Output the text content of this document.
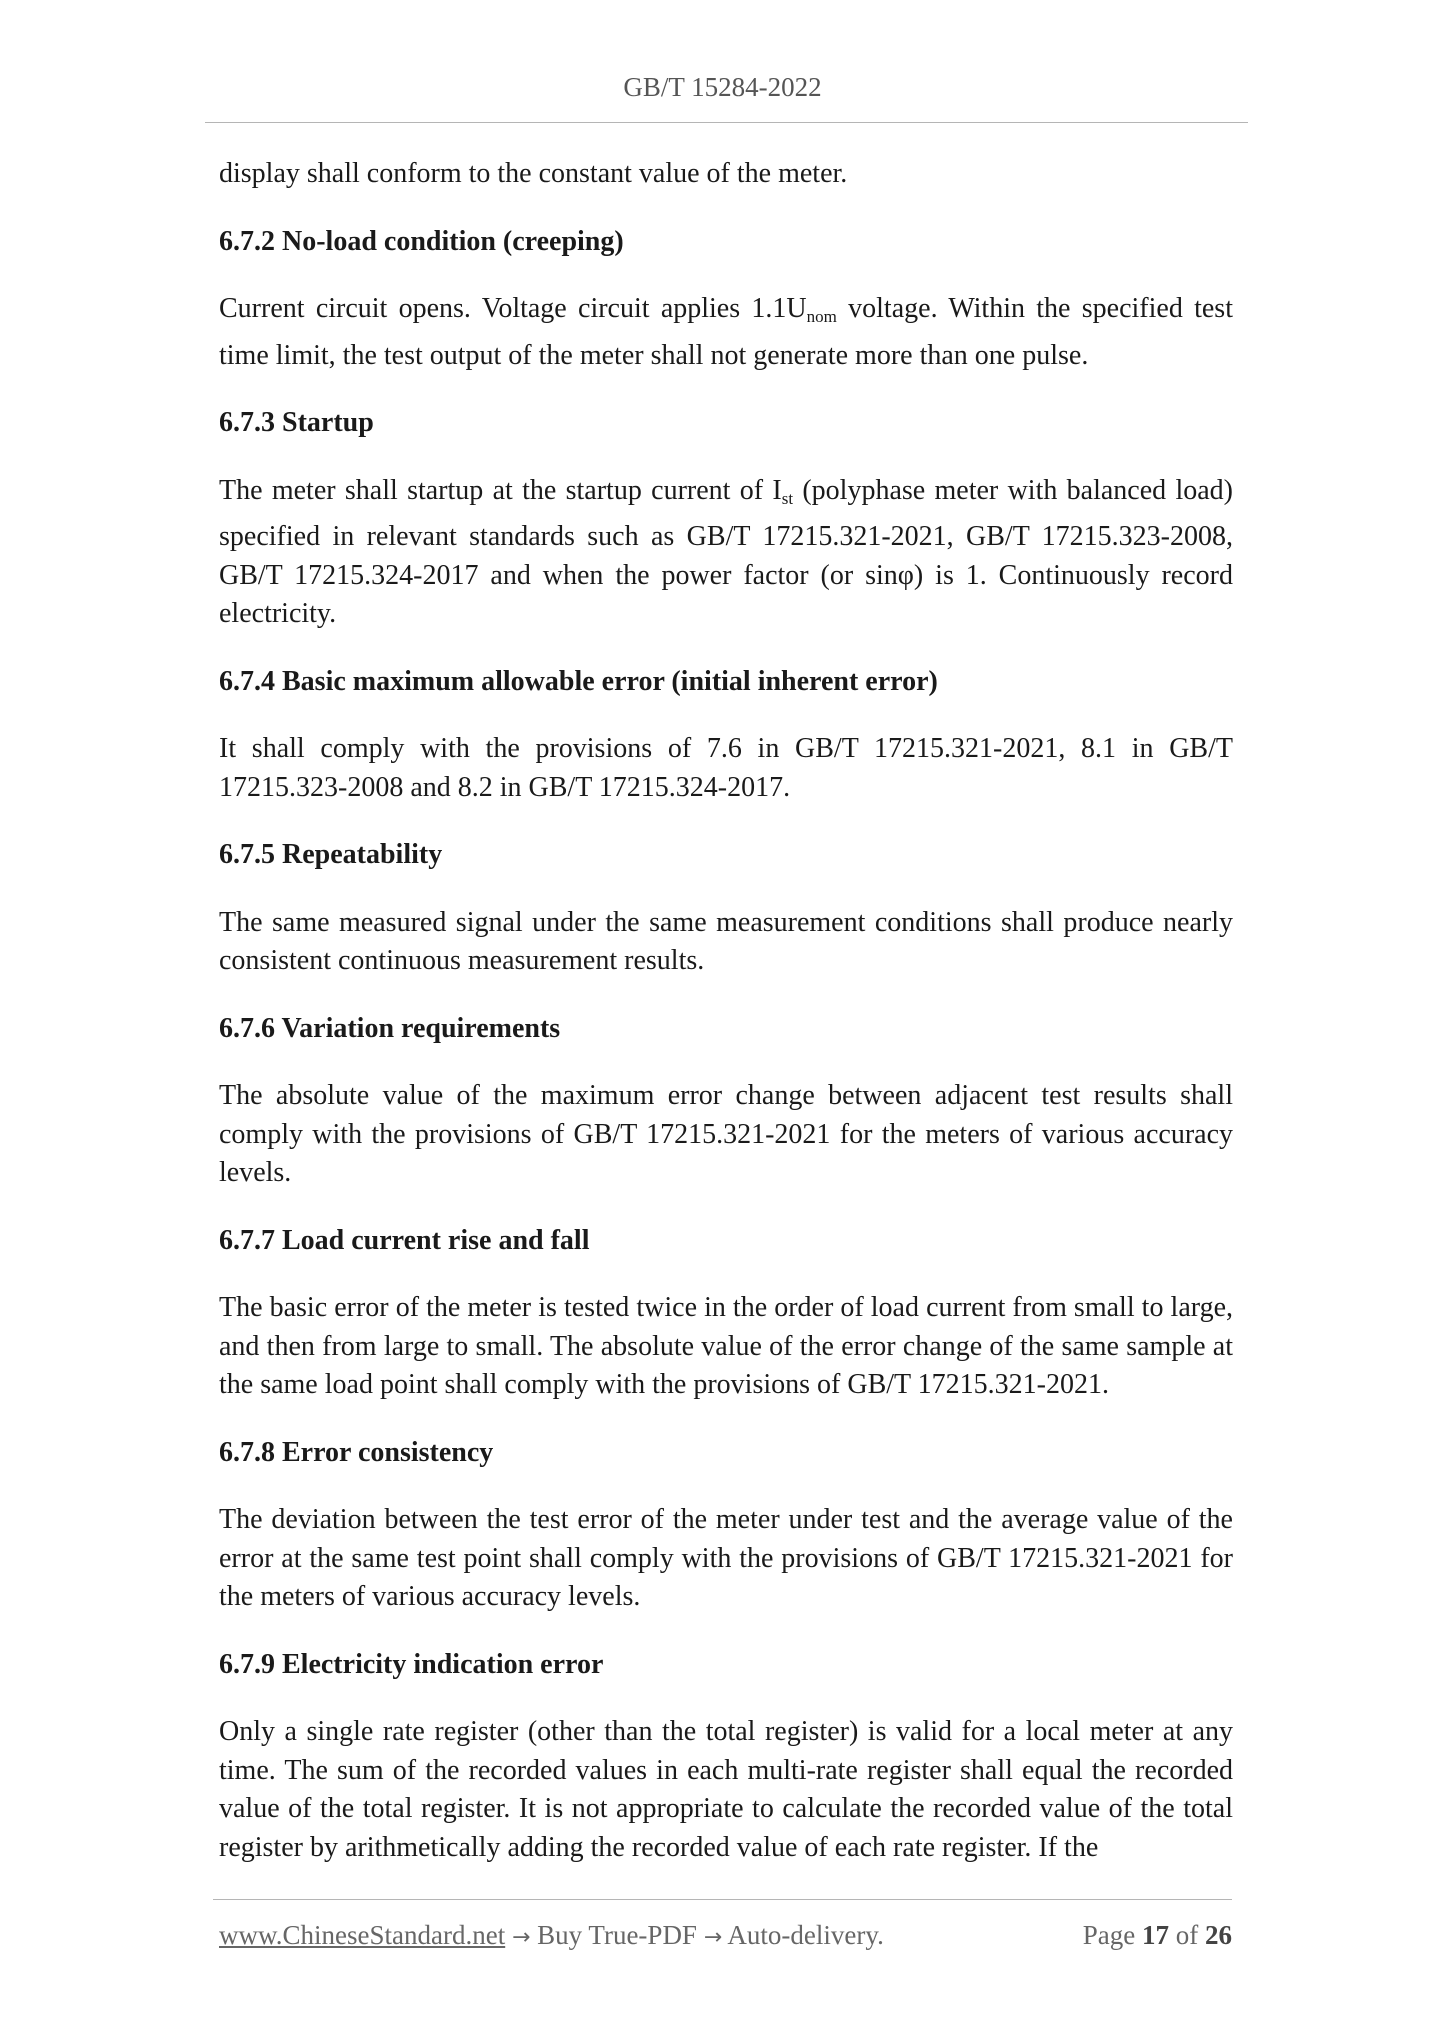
GB/T 15284-2022

display shall conform to the constant value of the meter.

6.7.2 No-load condition (creeping)

Current circuit opens. Voltage circuit applies $1.1U_{nom}$ voltage. Within the specified test time limit, the test output of the meter shall not generate more than one pulse.

6.7.3 Startup

The meter shall startup at the startup current of $I_{st}$ (polyphase meter with balanced load) specified in relevant standards such as GB/T 17215.321-2021, GB/T 17215.323-2008, GB/T 17215.324-2017 and when the power factor (or sinφ) is 1. Continuously record electricity.

6.7.4 Basic maximum allowable error (initial inherent error)

It shall comply with the provisions of 7.6 in GB/T 17215.321-2021, 8.1 in GB/T 17215.323-2008 and 8.2 in GB/T 17215.324-2017.

6.7.5 Repeatability

The same measured signal under the same measurement conditions shall produce nearly consistent continuous measurement results.

6.7.6 Variation requirements

The absolute value of the maximum error change between adjacent test results shall comply with the provisions of GB/T 17215.321-2021 for the meters of various accuracy levels.

6.7.7 Load current rise and fall

The basic error of the meter is tested twice in the order of load current from small to large, and then from large to small. The absolute value of the error change of the same sample at the same load point shall comply with the provisions of GB/T 17215.321-2021.

6.7.8 Error consistency

The deviation between the test error of the meter under test and the average value of the error at the same test point shall comply with the provisions of GB/T 17215.321-2021 for the meters of various accuracy levels.

6.7.9 Electricity indication error

Only a single rate register (other than the total register) is valid for a local meter at any time. The sum of the recorded values in each multi-rate register shall equal the recorded value of the total register. It is not appropriate to calculate the recorded value of the total register by arithmetically adding the recorded value of each rate register. If the

www.ChineseStandard.net → Buy True-PDF → Auto-delivery.	Page 17 of 26
